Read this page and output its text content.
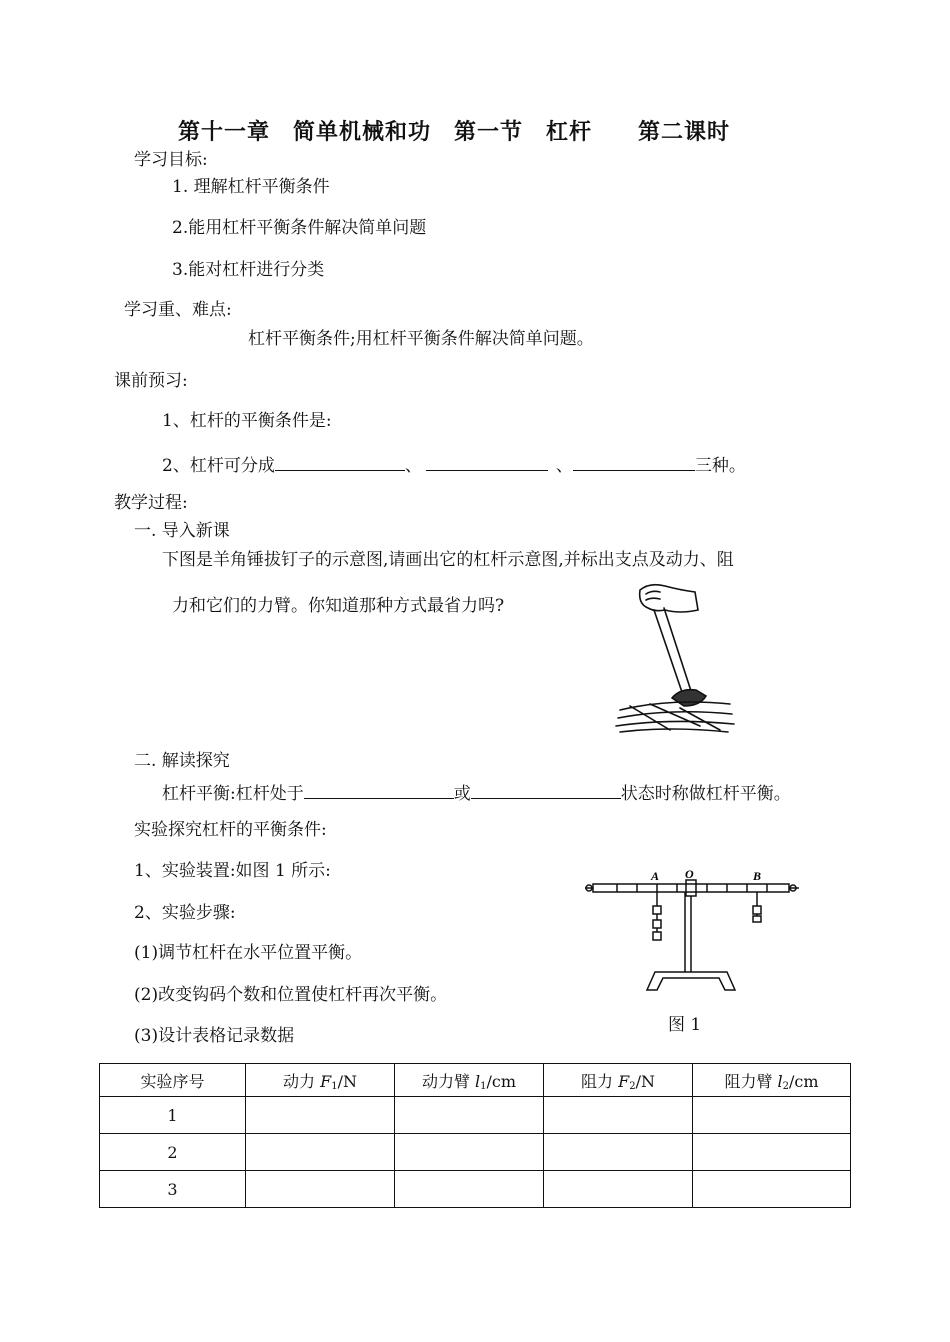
第十一章　简单机械和功　第一节　杠杆　　第二课时
学习目标:
1. 理解杠杆平衡条件
2.能用杠杆平衡条件解决简单问题
3.能对杠杆进行分类
学习重、难点:
杠杆平衡条件;用杠杆平衡条件解决简单问题。
课前预习:
1、杠杆的平衡条件是:
2、杠杆可分成	、	、	三种。
教学过程:
一. 导入新课
下图是羊角锤拔钉子的示意图,请画出它的杠杆示意图,并标出支点及动力、阻
力和它们的力臂。你知道那种方式最省力吗?
二. 解读探究
杠杆平衡:杠杆处于	或	状态时称做杠杆平衡。
实验探究杠杆的平衡条件:
1、实验装置:如图 1 所示:
2、实验步骤:
(1)调节杠杆在水平位置平衡。
(2)改变钩码个数和位置使杠杆再次平衡。
(3)设计表格记录数据
A O	B
图 1
实验序号	动力 $F_1/N$	动力臂 $l_1/cm$	阻力 $F_2/N$	阻力臂 $l_2/cm$
1				
2				
3				
